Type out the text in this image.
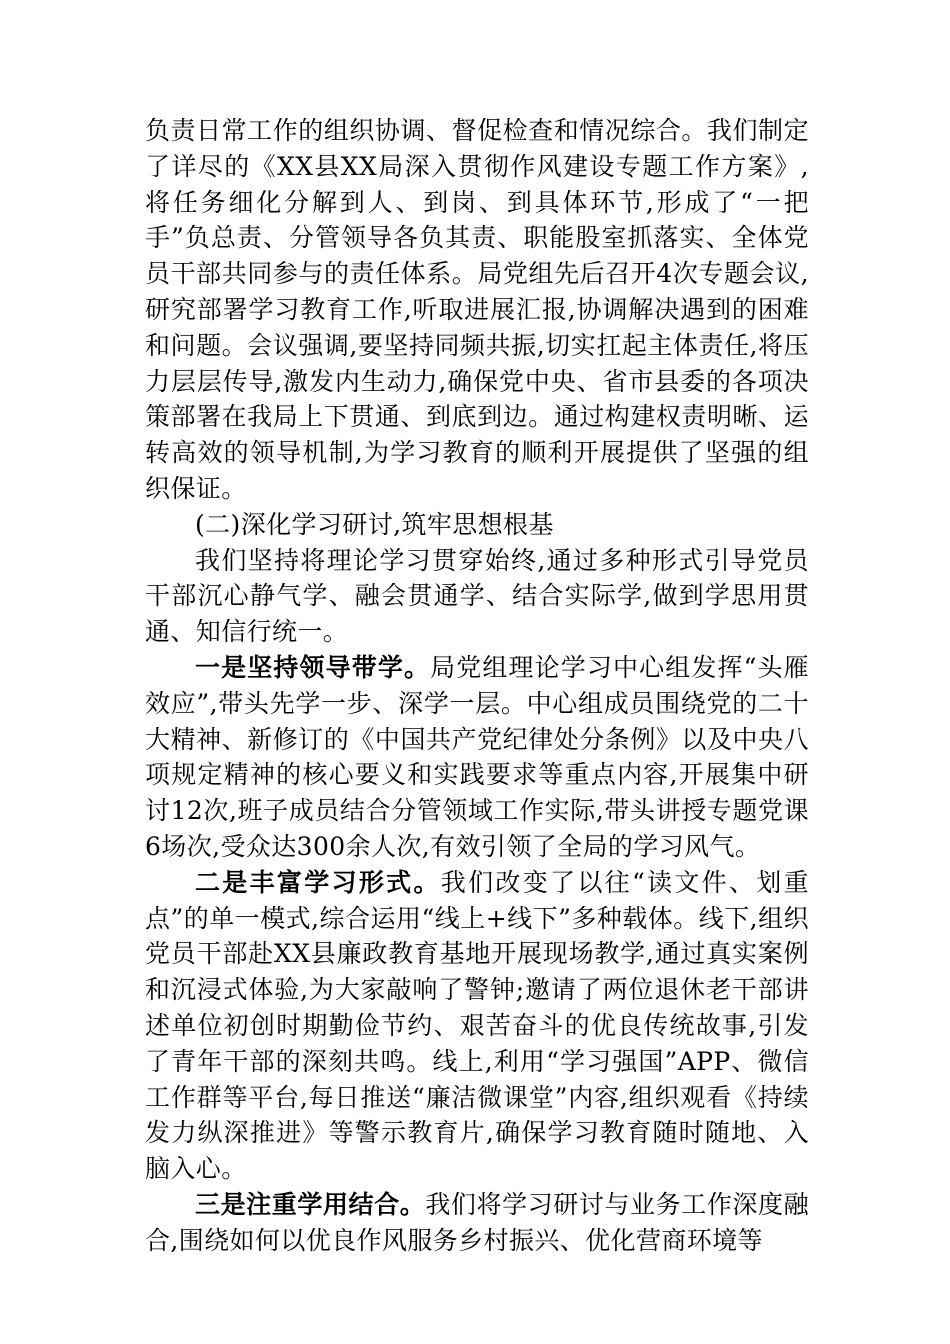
负责日常工作的组织协调、督促检查和情况综合。我们制定了详尽的《XX县XX局深入贯彻作风建设专题工作方案》,将任务细化分解到人、到岗、到具体环节,形成了“一把手”负总责、分管领导各负其责、职能股室抓落实、全体党员干部共同参与的责任体系。局党组先后召开4次专题会议,研究部署学习教育工作,听取进展汇报,协调解决遇到的困难和问题。会议强调,要坚持同频共振,切实扛起主体责任,将压力层层传导,激发内生动力,确保党中央、省市县委的各项决策部署在我局上下贯通、到底到边。通过构建权责明晰、运转高效的领导机制,为学习教育的顺利开展提供了坚强的组织保证。

(二)深化学习研讨,筑牢思想根基

我们坚持将理论学习贯穿始终,通过多种形式引导党员干部沉心静气学、融会贯通学、结合实际学,做到学思用贯通、知信行统一。

一是坚持领导带学。局党组理论学习中心组发挥“头雁效应”,带头先学一步、深学一层。中心组成员围绕党的二十大精神、新修订的《中国共产党纪律处分条例》以及中央八项规定精神的核心要义和实践要求等重点内容,开展集中研讨12次,班子成员结合分管领域工作实际,带头讲授专题党课6场次,受众达300余人次,有效引领了全局的学习风气。

二是丰富学习形式。我们改变了以往“读文件、划重点”的单一模式,综合运用“线上+线下”多种载体。线下,组织党员干部赴XX县廉政教育基地开展现场教学,通过真实案例和沉浸式体验,为大家敲响了警钟;邀请了两位退休老干部讲述单位初创时期勤俭节约、艰苦奋斗的优良传统故事,引发了青年干部的深刻共鸣。线上,利用“学习强国”APP、微信工作群等平台,每日推送“廉洁微课堂”内容,组织观看《持续发力纵深推进》等警示教育片,确保学习教育随时随地、入脑入心。

三是注重学用结合。我们将学习研讨与业务工作深度融合,围绕如何以优良作风服务乡村振兴、优化营商环境等
